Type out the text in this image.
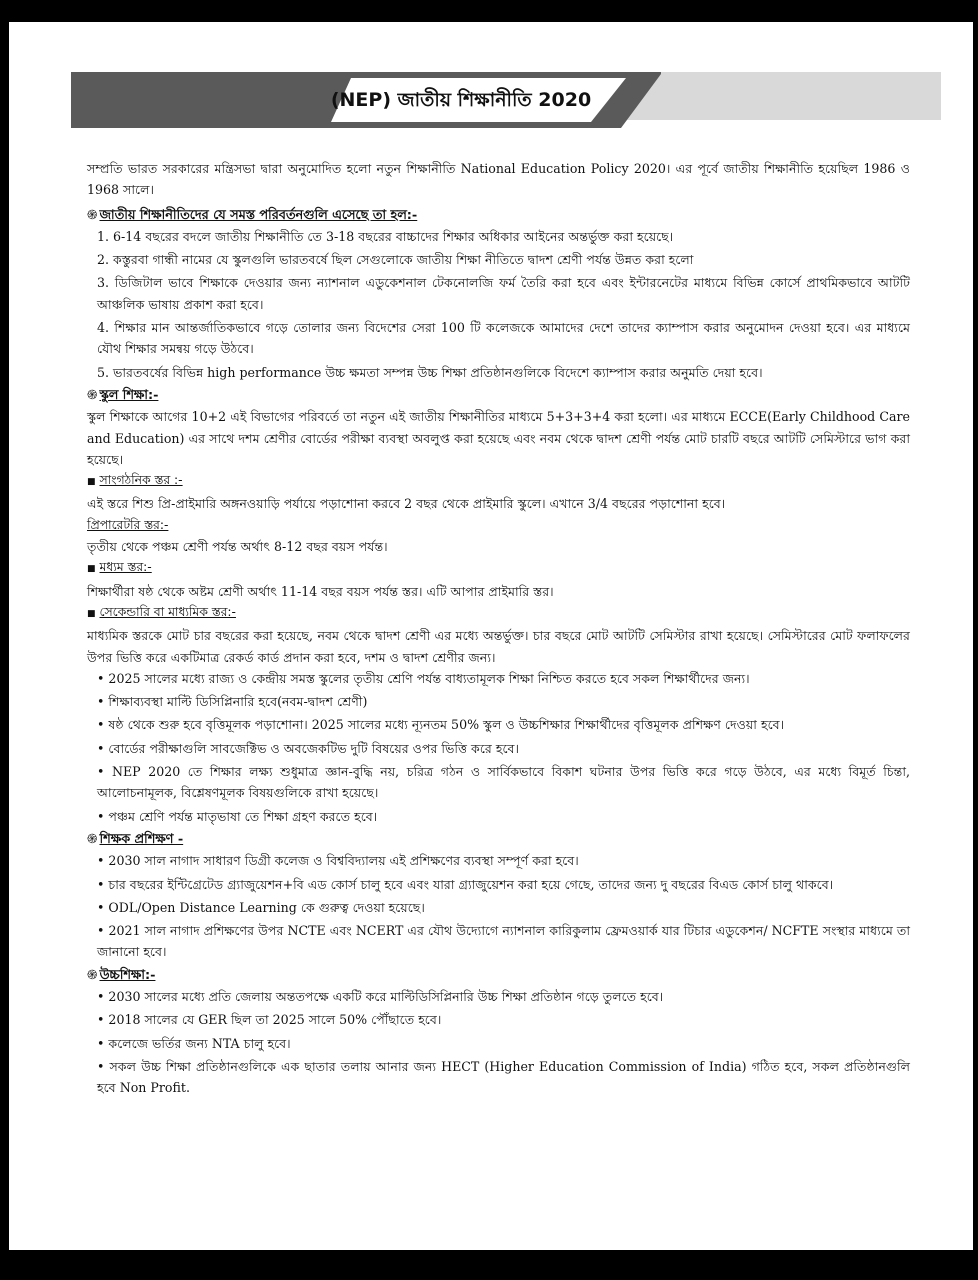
(NEP) জাতীয় শিক্ষানীতি 2020

সম্প্রতি ভারত সরকারের মন্ত্রিসভা দ্বারা অনুমোদিত হলো নতুন শিক্ষানীতি National Education Policy 2020। এর পূর্বে জাতীয় শিক্ষানীতি হয়েছিল 1986 ও 1968 সালে।

֍ জাতীয় শিক্ষানীতিদের যে সমস্ত পরিবর্তনগুলি এসেছে তা হল:-

1. 6-14 বছরের বদলে জাতীয় শিক্ষানীতি তে 3-18 বছরের বাচ্চাদের শিক্ষার অধিকার আইনের অন্তর্ভুক্ত করা হয়েছে।

2. কস্তুরবা গান্ধী নামের যে স্কুলগুলি ভারতবর্ষে ছিল সেগুলোকে জাতীয় শিক্ষা নীতিতে দ্বাদশ শ্রেণী পর্যন্ত উন্নত করা হলো

3. ডিজিটাল ভাবে শিক্ষাকে দেওয়ার জন্য ন্যাশনাল এডুকেশনাল টেকনোলজি ফর্ম তৈরি করা হবে এবং ইন্টারনেটের মাধ্যমে বিভিন্ন কোর্সে প্রাথমিকভাবে আটটি আঞ্চলিক ভাষায় প্রকাশ করা হবে।

4. শিক্ষার মান আন্তর্জাতিকভাবে গড়ে তোলার জন্য বিদেশের সেরা 100 টি কলেজকে আমাদের দেশে তাদের ক্যাম্পাস করার অনুমোদন দেওয়া হবে। এর মাধ্যমে যৌথ শিক্ষার সমন্বয় গড়ে উঠবে।

5. ভারতবর্ষের বিভিন্ন high performance উচ্চ ক্ষমতা সম্পন্ন উচ্চ শিক্ষা প্রতিষ্ঠানগুলিকে বিদেশে ক্যাম্পাস করার অনুমতি দেয়া হবে।

֍ স্কুল শিক্ষা:-

স্কুল শিক্ষাকে আগের 10+2 এই বিভাগের পরিবর্তে তা নতুন এই জাতীয় শিক্ষানীতির মাধ্যমে 5+3+3+4 করা হলো। এর মাধ্যমে ECCE(Early Childhood Care and Education) এর সাথে দশম শ্রেণীর বোর্ডের পরীক্ষা ব্যবস্থা অবলুপ্ত করা হয়েছে এবং নবম থেকে দ্বাদশ শ্রেণী পর্যন্ত মোট চারটি বছরে আটটি সেমিস্টারে ভাগ করা হয়েছে।

■ সাংগঠনিক স্তর :-

এই স্তরে শিশু প্রি-প্রাইমারি অঙ্গনওয়াড়ি পর্যায়ে পড়াশোনা করবে 2 বছর থেকে প্রাইমারি স্কুলে। এখানে 3/4 বছরের পড়াশোনা হবে।

প্রিপারেটরি স্তর:-

তৃতীয় থেকে পঞ্চম শ্রেণী পর্যন্ত অর্থাৎ 8-12 বছর বয়স পর্যন্ত।

■ মধ্যম স্তর:-

শিক্ষার্থীরা ষষ্ঠ থেকে অষ্টম শ্রেণী অর্থাৎ 11-14 বছর বয়স পর্যন্ত স্তর। এটি আপার প্রাইমারি স্তর।

■ সেকেন্ডারি বা মাধ্যমিক স্তর:-

মাধ্যমিক স্তরকে মোট চার বছরের করা হয়েছে, নবম থেকে দ্বাদশ শ্রেণী এর মধ্যে অন্তর্ভুক্ত। চার বছরে মোট আটটি সেমিস্টার রাখা হয়েছে। সেমিস্টারের মোট ফলাফলের উপর ভিত্তি করে একটিমাত্র রেকর্ড কার্ড প্রদান করা হবে, দশম ও দ্বাদশ শ্রেণীর জন্য।

• 2025 সালের মধ্যে রাজ্য ও কেন্দ্রীয় সমস্ত স্কুলের তৃতীয় শ্রেণি পর্যন্ত বাধ্যতামূলক শিক্ষা নিশ্চিত করতে হবে সকল শিক্ষার্থীদের জন্য।

• শিক্ষাব্যবস্থা মাল্টি ডিসিপ্লিনারি হবে(নবম-দ্বাদশ শ্রেণী)

• ষষ্ঠ থেকে শুরু হবে বৃত্তিমূলক পড়াশোনা। 2025 সালের মধ্যে ন্যূনতম 50% স্কুল ও উচ্চশিক্ষার শিক্ষার্থীদের বৃত্তিমূলক প্রশিক্ষণ দেওয়া হবে।

• বোর্ডের পরীক্ষাগুলি সাবজেক্টিভ ও অবজেকটিভ দুটি বিষয়ের ওপর ভিত্তি করে হবে।

• NEP 2020 তে শিক্ষার লক্ষ্য শুধুমাত্র জ্ঞান-বুদ্ধি নয়, চরিত্র গঠন ও সার্বিকভাবে বিকাশ ঘটনার উপর ভিত্তি করে গড়ে উঠবে, এর মধ্যে বিমূর্ত চিন্তা, আলোচনামূলক, বিশ্লেষণমূলক বিষয়গুলিকে রাখা হয়েছে।

• পঞ্চম শ্রেণি পর্যন্ত মাতৃভাষা তে শিক্ষা গ্রহণ করতে হবে।

֍ শিক্ষক প্রশিক্ষণ -

• 2030 সাল নাগাদ সাধারণ ডিগ্রী কলেজ ও বিশ্ববিদ্যালয় এই প্রশিক্ষণের ব্যবস্থা সম্পূর্ণ করা হবে।

• চার বছরের ইন্টিগ্রেটেড গ্র্যাজুয়েশন+বি এড কোর্স চালু হবে এবং যারা গ্র্যাজুয়েশন করা হয়ে গেছে, তাদের জন্য দু বছরের বিএড কোর্স চালু থাকবে।

• ODL/Open Distance Learning কে গুরুত্ব দেওয়া হয়েছে।

• 2021 সাল নাগাদ প্রশিক্ষণের উপর NCTE এবং NCERT এর যৌথ উদ্যোগে ন্যাশনাল কারিকুলাম ফ্রেমওয়ার্ক যার টিচার এডুকেশন/ NCFTE সংস্থার মাধ্যমে তা জানানো হবে।

֍ উচ্চশিক্ষা:-

• 2030 সালের মধ্যে প্রতি জেলায় অন্ততপক্ষে একটি করে মাল্টিডিসিপ্লিনারি উচ্চ শিক্ষা প্রতিষ্ঠান গড়ে তুলতে হবে।

• 2018 সালের যে GER ছিল তা 2025 সালে 50% পৌঁছাতে হবে।

• কলেজে ভর্তির জন্য NTA চালু হবে।

• সকল উচ্চ শিক্ষা প্রতিষ্ঠানগুলিকে এক ছাতার তলায় আনার জন্য HECT (Higher Education Commission of India) গঠিত হবে, সকল প্রতিষ্ঠানগুলি হবে Non Profit.
